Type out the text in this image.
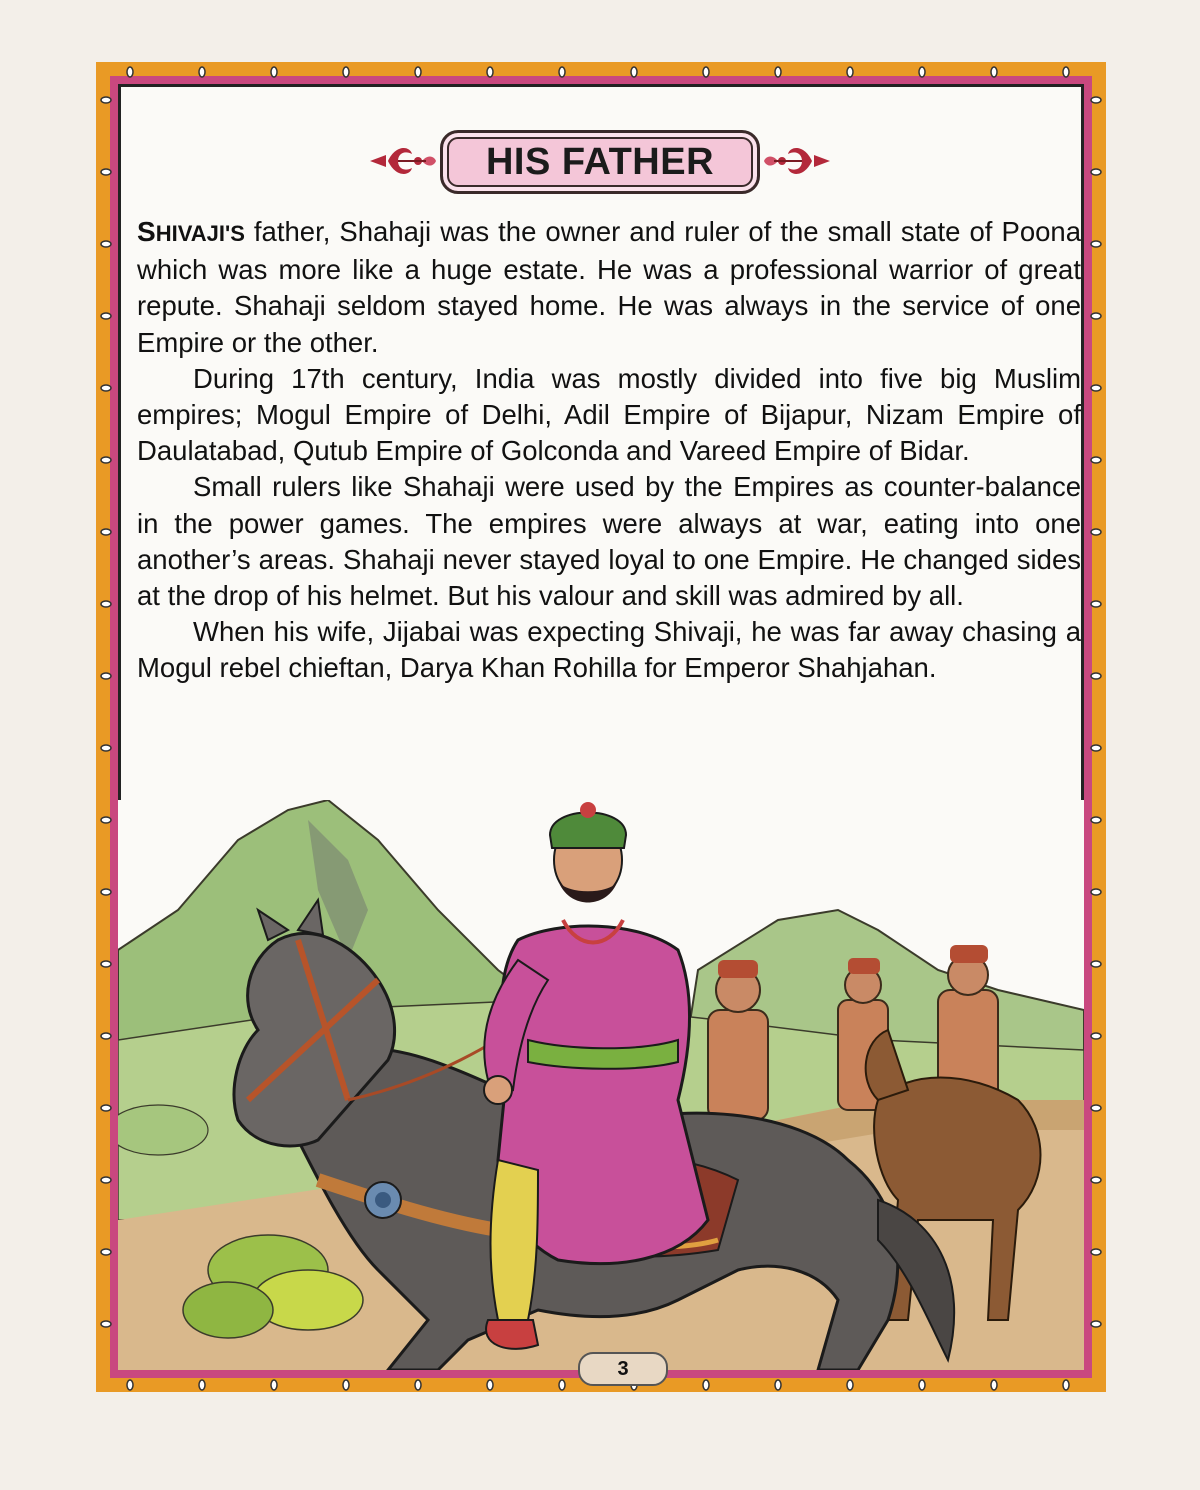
HIS FATHER

SHIVAJI'S father, Shahaji was the owner and ruler of the small state of Poona which was more like a huge estate. He was a professional warrior of great repute. Shahaji seldom stayed home. He was always in the service of one Empire or the other.

During 17th century, India was mostly divided into five big Muslim empires; Mogul Empire of Delhi, Adil Empire of Bijapur, Nizam Empire of Daulatabad, Qutub Empire of Golconda and Vareed Empire of Bidar.

Small rulers like Shahaji were used by the Empires as counter-balance in the power games. The empires were always at war, eating into one another’s areas. Shahaji never stayed loyal to one Empire. He changed sides at the drop of his helmet. But his valour and skill was admired by all.

When his wife, Jijabai was expecting Shivaji, he was far away chasing a Mogul rebel chieftan, Darya Khan Rohilla for Emperor Shahjahan.

3
